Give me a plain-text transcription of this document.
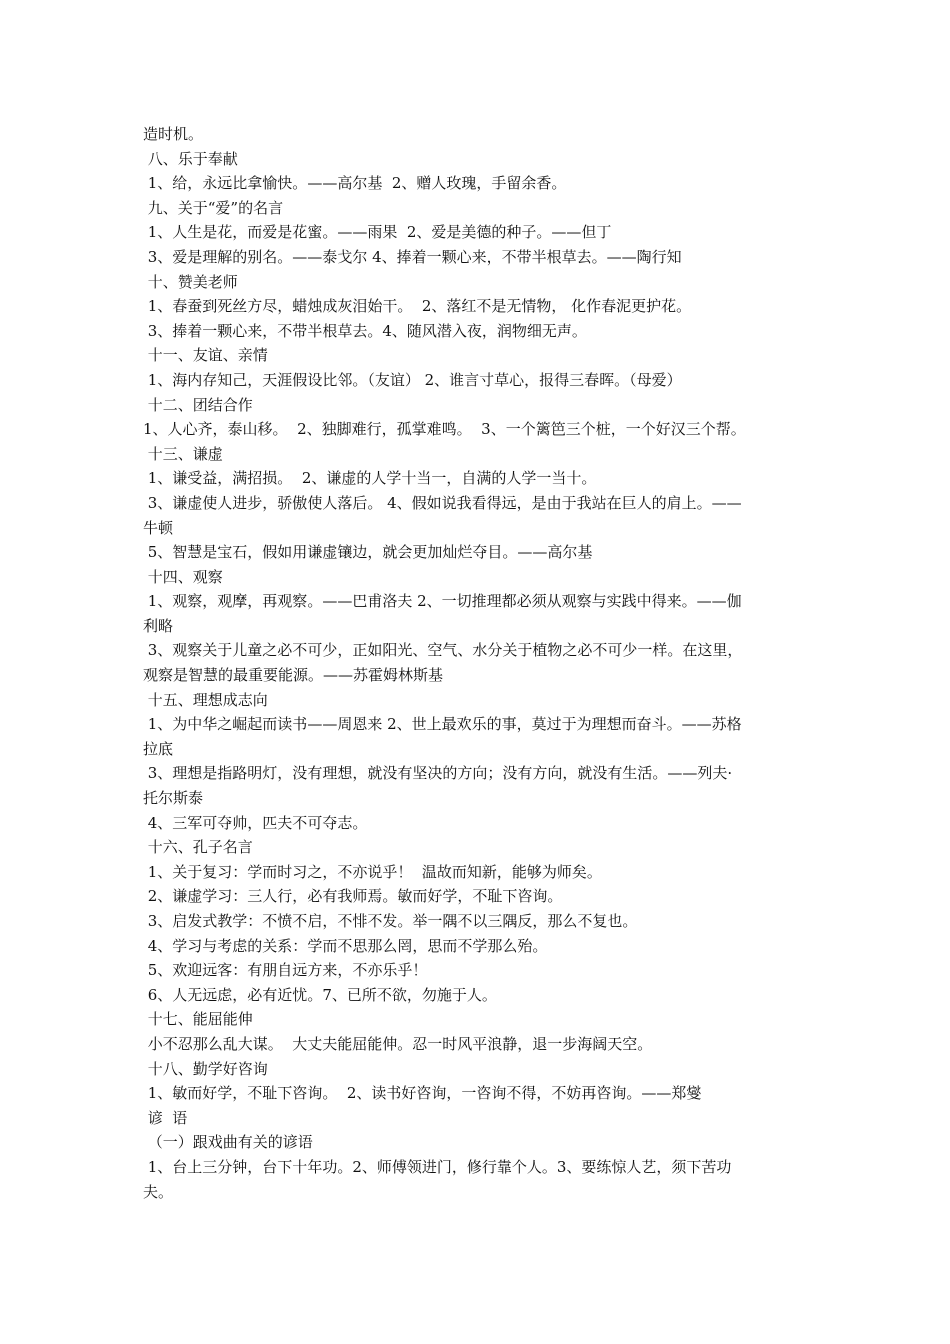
造时机。

八、乐于奉献

1、给，永远比拿愉快。——高尔基  2、赠人玫瑰，手留余香。

九、关于“爱”的名言

1、人生是花，而爱是花蜜。——雨果  2、爱是美德的种子。——但丁

3、爱是理解的别名。——泰戈尔 4、捧着一颗心来，不带半根草去。——陶行知

十、赞美老师

1、春蚕到死丝方尽，蜡烛成灰泪始干。  2、落红不是无情物， 化作春泥更护花。

3、捧着一颗心来，不带半根草去。4、随风潜入夜，润物细无声。

十一、友谊、亲情

1、海内存知己，天涯假设比邻。（友谊） 2、谁言寸草心，报得三春晖。（母爱）

十二、团结合作

1、人心齐，泰山移。  2、独脚难行，孤掌难鸣。  3、一个篱笆三个桩，一个好汉三个帮。

十三、谦虚

1、谦受益，满招损。  2、谦虚的人学十当一，自满的人学一当十。

3、谦虚使人进步，骄傲使人落后。 4、假如说我看得远，是由于我站在巨人的肩上。——

牛顿

5、智慧是宝石，假如用谦虚镶边，就会更加灿烂夺目。——高尔基

十四、观察

1、观察，观摩，再观察。——巴甫洛夫 2、一切推理都必须从观察与实践中得来。——伽

利略

3、观察关于儿童之必不可少，正如阳光、空气、水分关于植物之必不可少一样。在这里，

观察是智慧的最重要能源。——苏霍姆林斯基

十五、理想成志向

1、为中华之崛起而读书——周恩来 2、世上最欢乐的事，莫过于为理想而奋斗。——苏格

拉底

3、理想是指路明灯，没有理想，就没有坚决的方向；没有方向，就没有生活。——列夫·

托尔斯泰

4、三军可夺帅，匹夫不可夺志。

十六、孔子名言

1、关于复习：学而时习之，不亦说乎！  温故而知新，能够为师矣。

2、谦虚学习：三人行，必有我师焉。敏而好学，不耻下咨询。

3、启发式教学：不愤不启，不悱不发。举一隅不以三隅反，那么不复也。

4、学习与考虑的关系：学而不思那么罔，思而不学那么殆。

5、欢迎远客：有朋自远方来，不亦乐乎！

6、人无远虑，必有近忧。7、已所不欲，勿施于人。

十七、能屈能伸

小不忍那么乱大谋。  大丈夫能屈能伸。忍一时风平浪静，退一步海阔天空。

十八、勤学好咨询

1、敏而好学，不耻下咨询。  2、读书好咨询，一咨询不得，不妨再咨询。——郑燮

谚  语

（一）跟戏曲有关的谚语

1、台上三分钟，台下十年功。2、师傅领进门，修行靠个人。3、要练惊人艺，须下苦功

夫。
